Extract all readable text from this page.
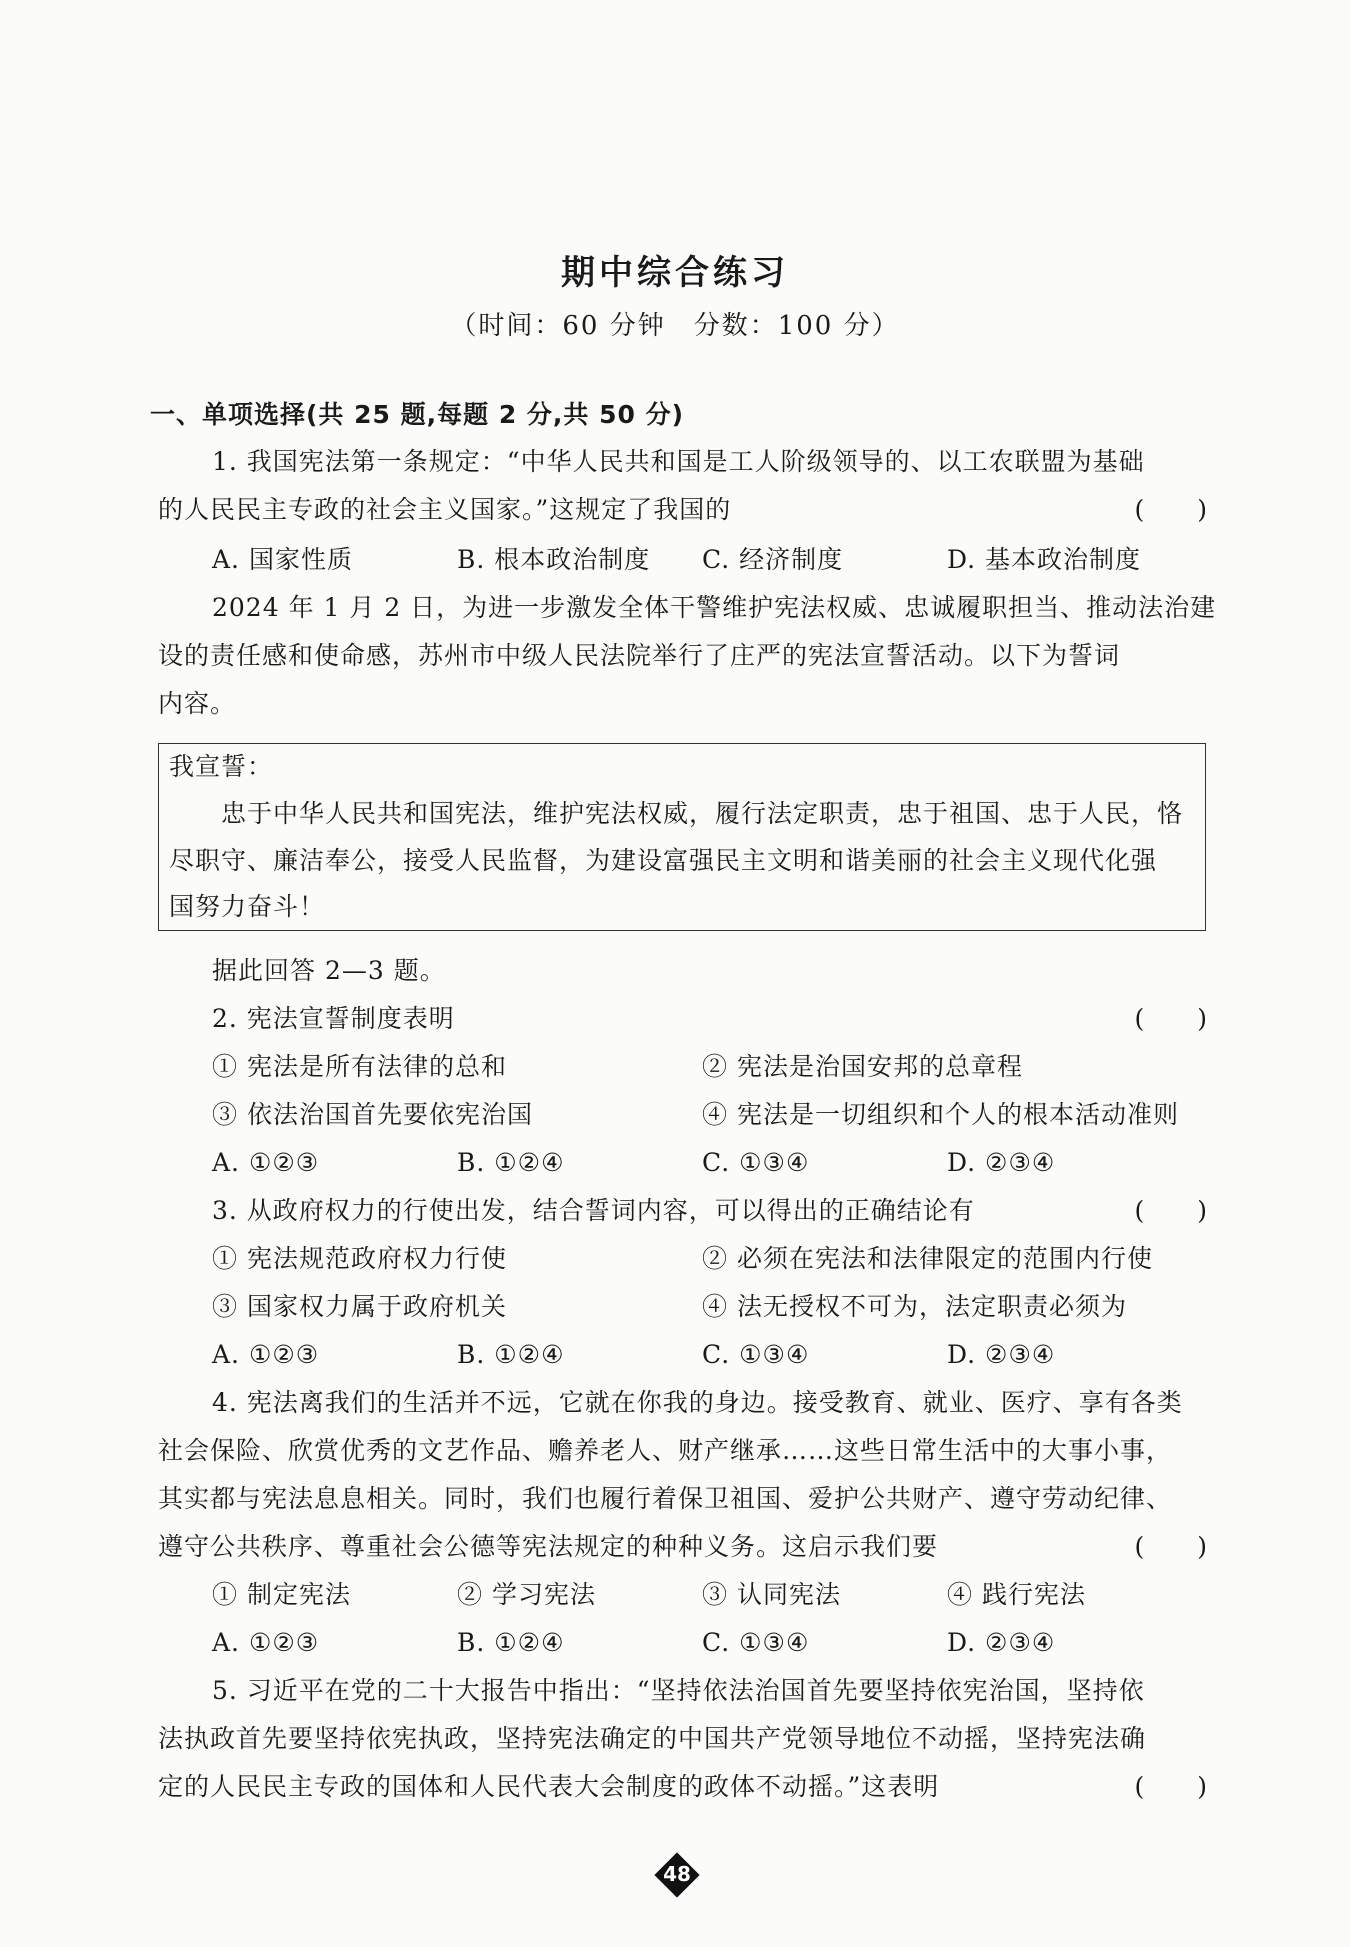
期中综合练习
（时间：60 分钟　分数：100 分）
一、单项选择(共 25 题,每题 2 分,共 50 分)
1. 我国宪法第一条规定：“中华人民共和国是工人阶级领导的、以工农联盟为基础
的人民民主专政的社会主义国家。”这规定了我国的	(　　)
A. 国家性质	B. 根本政治制度 C. 经济制度	D. 基本政治制度
2024 年 1 月 2 日，为进一步激发全体干警维护宪法权威、忠诚履职担当、推动法治建
设的责任感和使命感，苏州市中级人民法院举行了庄严的宪法宣誓活动。以下为誓词
内容。
我宣誓：
忠于中华人民共和国宪法，维护宪法权威，履行法定职责，忠于祖国、忠于人民，恪
尽职守、廉洁奉公，接受人民监督，为建设富强民主文明和谐美丽的社会主义现代化强
国努力奋斗！
据此回答 2—3 题。
2. 宪法宣誓制度表明	(　　)
① 宪法是所有法律的总和	② 宪法是治国安邦的总章程
③ 依法治国首先要依宪治国	④ 宪法是一切组织和个人的根本活动准则
A. ①②③	B. ①②④	C. ①③④	D. ②③④
3. 从政府权力的行使出发，结合誓词内容，可以得出的正确结论有	(　　)
① 宪法规范政府权力行使	② 必须在宪法和法律限定的范围内行使
③ 国家权力属于政府机关	④ 法无授权不可为，法定职责必须为
A. ①②③	B. ①②④	C. ①③④	D. ②③④
4. 宪法离我们的生活并不远，它就在你我的身边。接受教育、就业、医疗、享有各类
社会保险、欣赏优秀的文艺作品、赡养老人、财产继承……这些日常生活中的大事小事，
其实都与宪法息息相关。同时，我们也履行着保卫祖国、爱护公共财产、遵守劳动纪律、
遵守公共秩序、尊重社会公德等宪法规定的种种义务。这启示我们要	(　　)
① 制定宪法	② 学习宪法	③ 认同宪法	④ 践行宪法
A. ①②③	B. ①②④	C. ①③④	D. ②③④
5. 习近平在党的二十大报告中指出：“坚持依法治国首先要坚持依宪治国，坚持依
法执政首先要坚持依宪执政，坚持宪法确定的中国共产党领导地位不动摇，坚持宪法确
定的人民民主专政的国体和人民代表大会制度的政体不动摇。”这表明	(　　)
48
